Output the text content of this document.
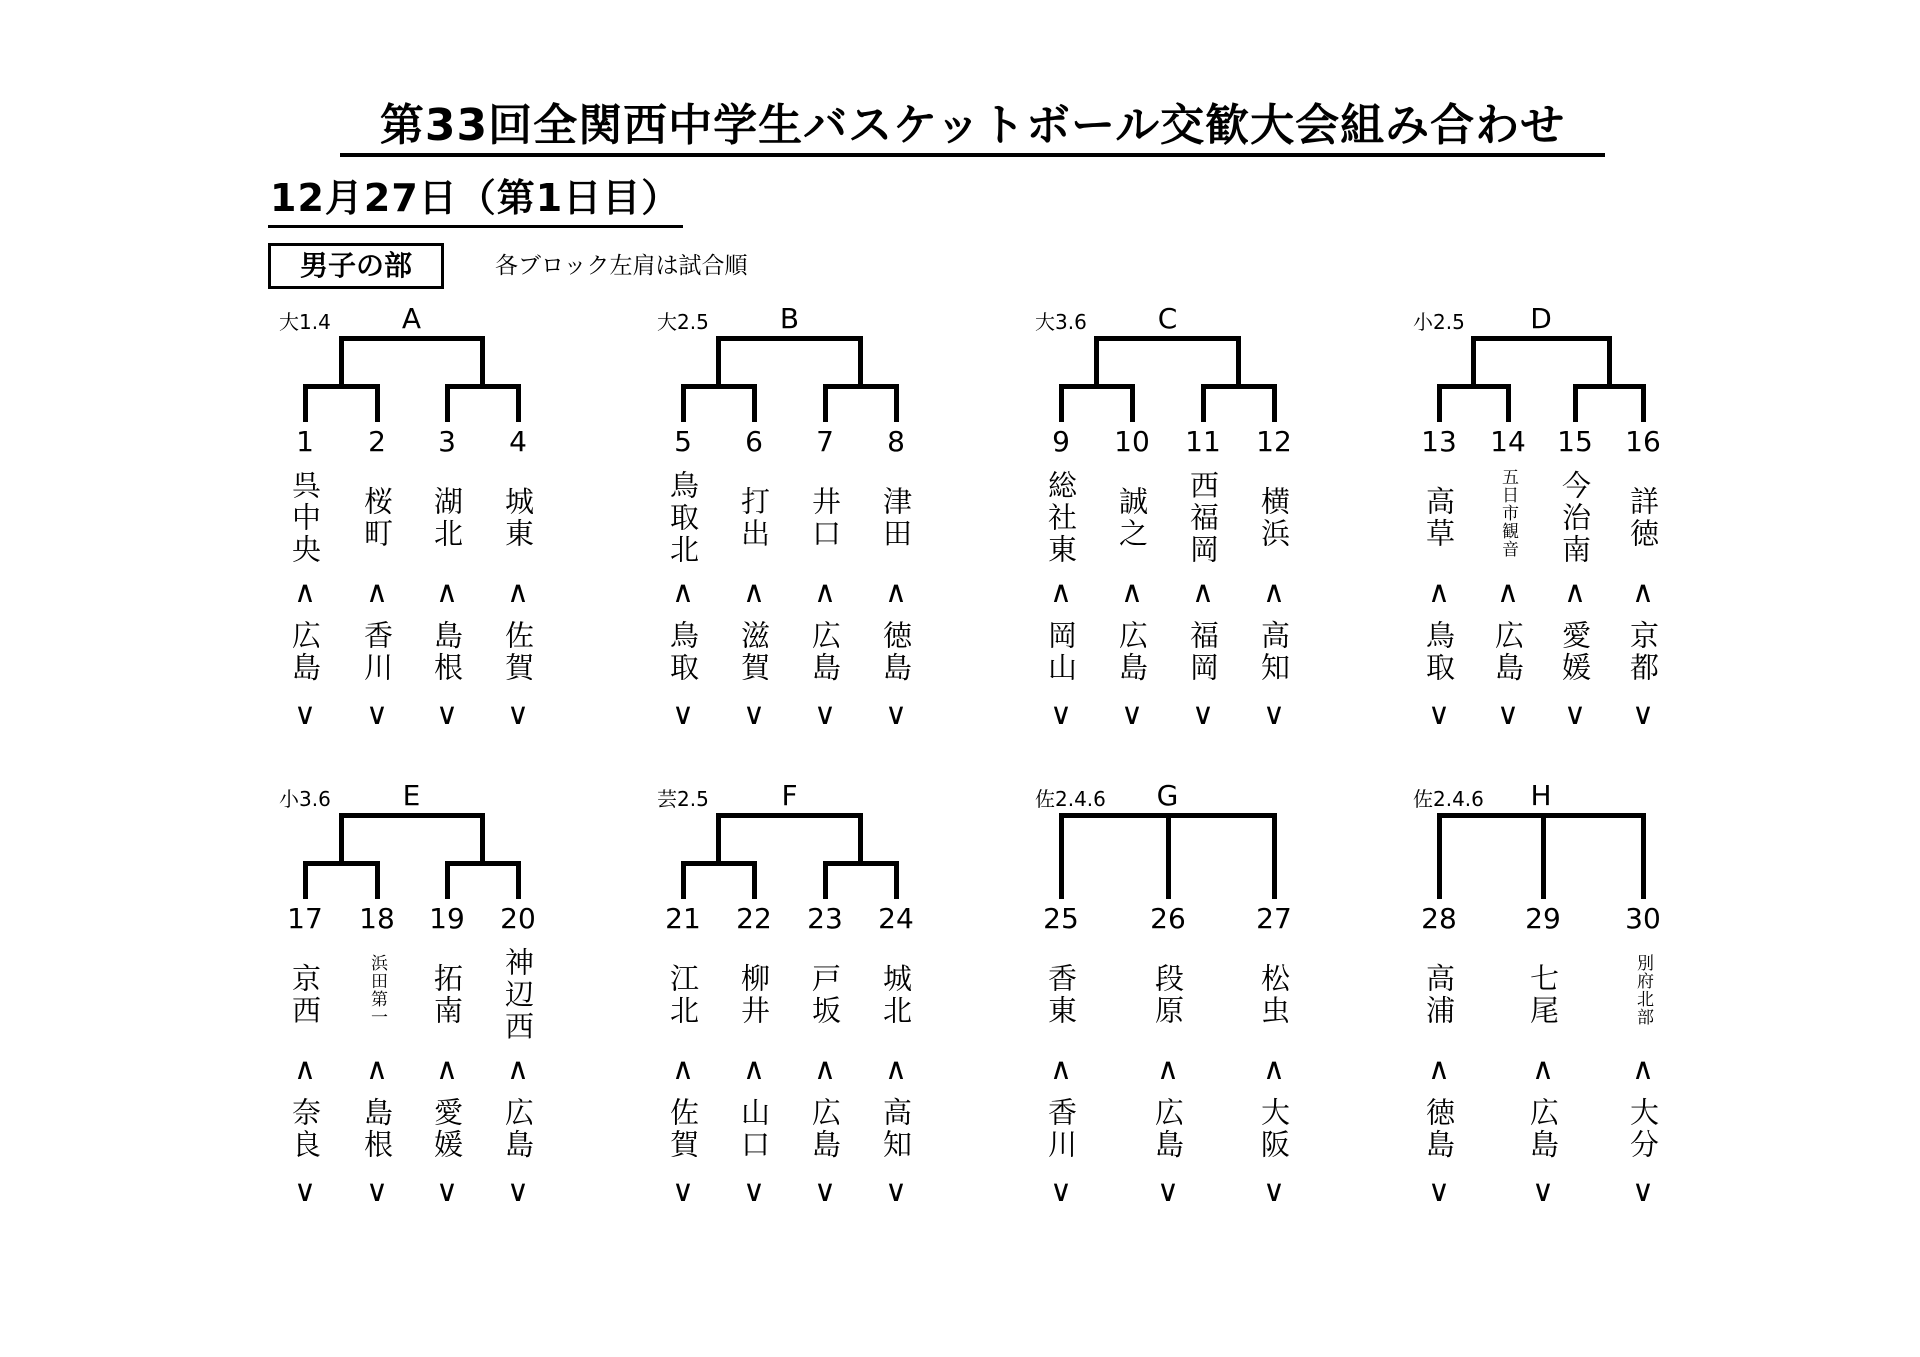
第33回全関西中学生バスケットボール交歓大会組み合わせ
12月27日（第1日目）
男子の部	各ブロック左肩は試合順
大1.4	A
1
呉中央
∧
広島
∨
2
桜町
∧
香川
∨
3
湖北
∧
島根
∨
4
城東
∧
佐賀
∨
大2.5	B
5
鳥取北
∧
鳥取
∨
6
打出
∧
滋賀
∨
7
井口
∧
広島
∨
8
津田
∧
徳島
∨
大3.6	C
9
総社東
∧
岡山
∨
10
誠之
∧
広島
∨
11
西福岡
∧
福岡
∨
12
横浜
∧
高知
∨
小2.5	D
13
高草
∧
鳥取
∨
14
五日市観音
∧
広島
∨
15
今治南
∧
愛媛
∨
16
詳徳
∧
京都
∨
小3.6	E
17
京西
∧
奈良
∨
18
浜田第一
∧
島根
∨
19
拓南
∧
愛媛
∨
20
神辺西
∧
広島
∨
芸2.5	F
21
江北
∧
佐賀
∨
22
柳井
∧
山口
∨
23
戸坂
∧
広島
∨
24
城北
∧
高知
∨
佐2.4.6	G
25
香東
∧
香川
∨
26
段原
∧
広島
∨
27
松虫
∧
大阪
∨
佐2.4.6	H
28
高浦
∧
徳島
∨
29
七尾
∧
広島
∨
30
別府北部
∧
大分
∨
